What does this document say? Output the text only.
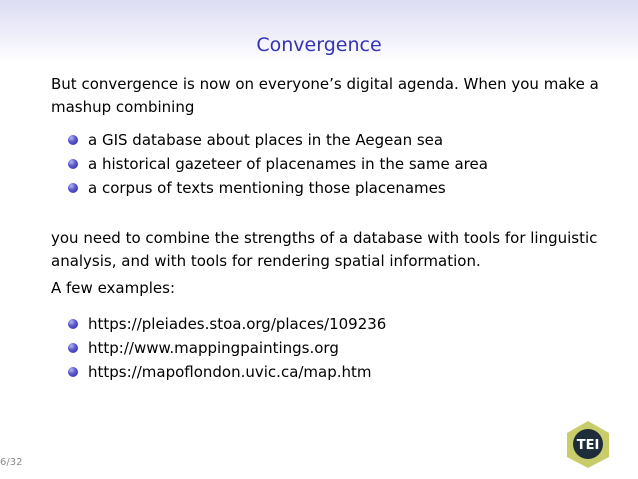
Convergence
But convergence is now on everyone’s digital agenda. When you make a mashup combining
a GIS database about places in the Aegean sea
a historical gazeteer of placenames in the same area
a corpus of texts mentioning those placenames
you need to combine the strengths of a database with tools for linguistic analysis, and with tools for rendering spatial information.
A few examples:
https://pleiades.stoa.org/places/109236
http://www.mappingpaintings.org
https://mapoflondon.uvic.ca/map.htm
6/32
TEI
